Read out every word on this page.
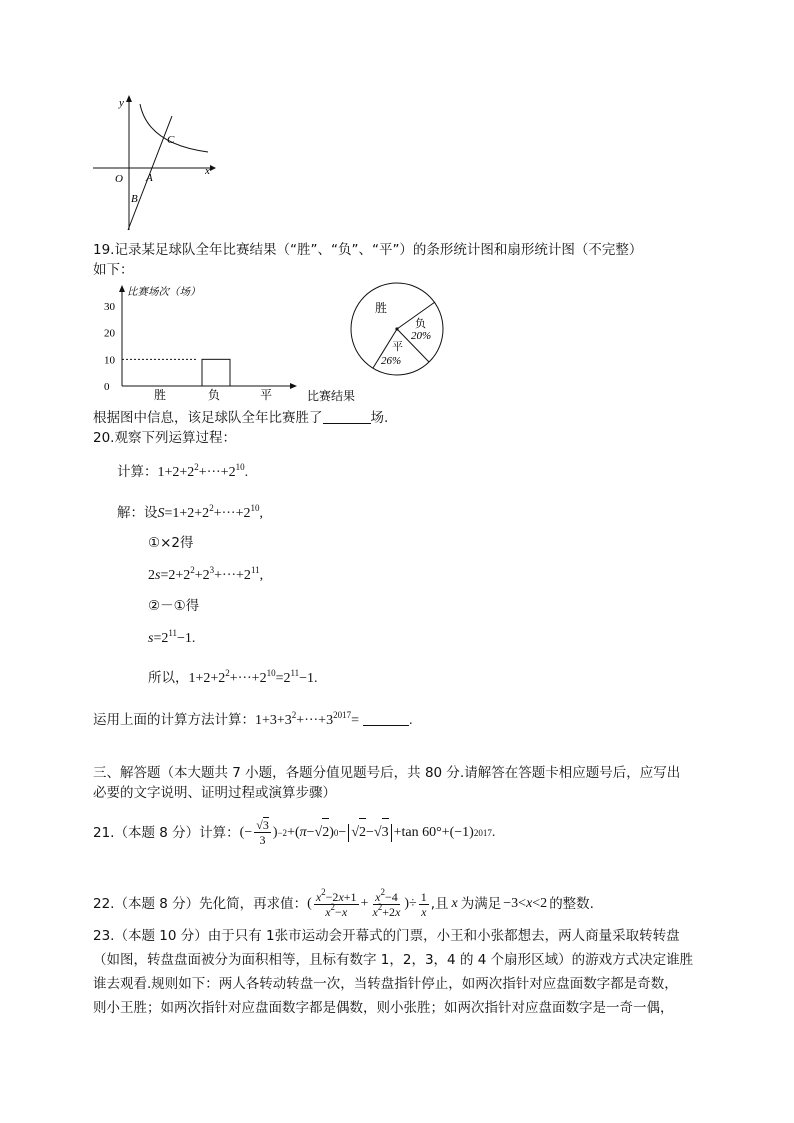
y
x
O A
B
C
19.记录某足球队全年比赛结果（“胜”、“负”、“平”）的条形统计图和扇形统计图（不完整）
如下：
比赛场次（场）
比赛结果
0
10
20
30
胜	负	平
胜
负
20%
平
26%
根据图中信息，该足球队全年比赛胜了	场.
20.观察下列运算过程：
计算：$1+2+2^2+\cdot\cdot\cdot+2^{10}$.
解：设$S=1+2+2^2+\cdot\cdot\cdot+2^{10}$,
①×2得
$2s=2+2^2+2^3+\cdot\cdot\cdot+2^{11}$,
②－①得
$s=2^{11}-1$.
所以，$1+2+2^2+\cdot\cdot\cdot+2^{10}=2^{11}-1$.
运用上面的计算方法计算：$1+3+3^2+\cdot\cdot\cdot+3^{2017}=$	.
三、解答题（本大题共 7 小题，各题分值见题号后，共 80 分.请解答在答题卡相应题号后，应写出
必要的文字说明、证明过程或演算步骤）
21.（本题 8 分）计算： (− $\frac{√3}{3}$ ) −2 +( π −√ 2 ) 0 − √ 2 −√ 3 +tan 60°+(−1) 2017 .
22.（本题 8 分）先化简，再求值： ( $\frac{x^2-2x+1}{x^2-x} + \frac{x^2-4}{x^2+2x}$ )÷ $\frac{1}{x}$ ,且 x 为满足 −3<x<2 的整数.
23.（本题 10 分）由于只有 1张市运动会开幕式的门票，小王和小张都想去，两人商量采取转转盘
（如图，转盘盘面被分为面积相等，且标有数字 1，2，3，4 的 4 个扇形区域）的游戏方式决定谁胜
谁去观看.规则如下：两人各转动转盘一次，当转盘指针停止，如两次指针对应盘面数字都是奇数，
则小王胜；如两次指针对应盘面数字都是偶数，则小张胜；如两次指针对应盘面数字是一奇一偶，
